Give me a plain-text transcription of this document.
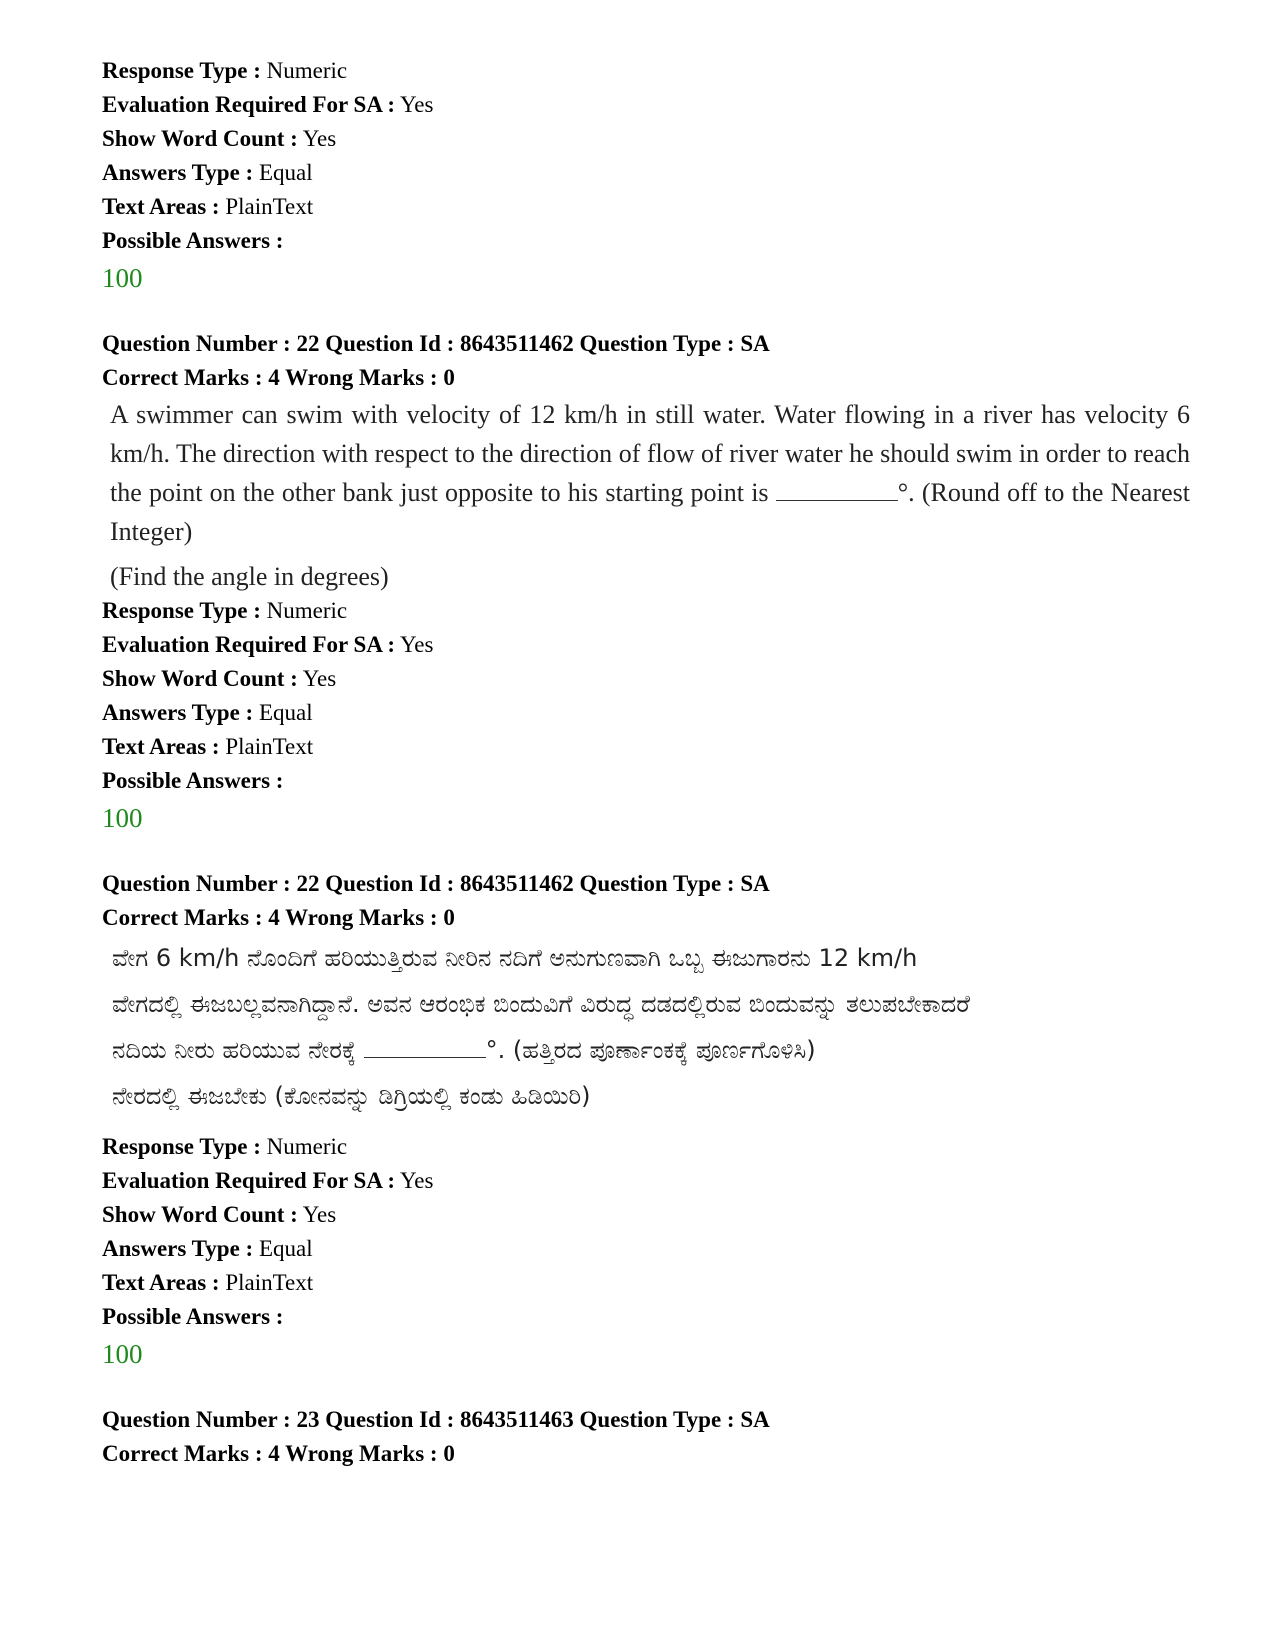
Response Type : Numeric
Evaluation Required For SA : Yes
Show Word Count : Yes
Answers Type : Equal
Text Areas : PlainText
Possible Answers :
100
Question Number : 22 Question Id : 8643511462 Question Type : SA
Correct Marks : 4 Wrong Marks : 0

A swimmer can swim with velocity of 12 km/h in still water. Water flowing in a river has velocity 6 km/h. The direction with respect to the direction of flow of river water he should swim in order to reach the point on the other bank just opposite to his starting point is	°. (Round off to the Nearest Integer)

(Find the angle in degrees)

Response Type : Numeric
Evaluation Required For SA : Yes
Show Word Count : Yes
Answers Type : Equal
Text Areas : PlainText
Possible Answers :
100
Question Number : 22 Question Id : 8643511462 Question Type : SA
Correct Marks : 4 Wrong Marks : 0

ವೇಗ 6 km/h ನೊಂದಿಗೆ ಹರಿಯುತ್ತಿರುವ ನೀರಿನ ನದಿಗೆ ಅನುಗುಣವಾಗಿ ಒಬ್ಬ ಈಜುಗಾರನು 12 km/h

ವೇಗದಲ್ಲಿ ಈಜಬಲ್ಲವನಾಗಿದ್ದಾನೆ. ಅವನ ಆರಂಭಿಕ ಬಿಂದುವಿಗೆ ವಿರುದ್ಧ ದಡದಲ್ಲಿರುವ ಬಿಂದುವನ್ನು ತಲುಪಬೇಕಾದರೆ

ನದಿಯ ನೀರು ಹರಿಯುವ ನೇರಕ್ಕೆ	°. (ಹತ್ತಿರದ ಪೂರ್ಣಾಂಕಕ್ಕೆ ಪೂರ್ಣಗೊಳಿಸಿ)

ನೇರದಲ್ಲಿ ಈಜಬೇಕು (ಕೋನವನ್ನು ಡಿಗ್ರಿಯಲ್ಲಿ ಕಂಡು ಹಿಡಿಯಿರಿ)

Response Type : Numeric
Evaluation Required For SA : Yes
Show Word Count : Yes
Answers Type : Equal
Text Areas : PlainText
Possible Answers :
100
Question Number : 23 Question Id : 8643511463 Question Type : SA
Correct Marks : 4 Wrong Marks : 0
